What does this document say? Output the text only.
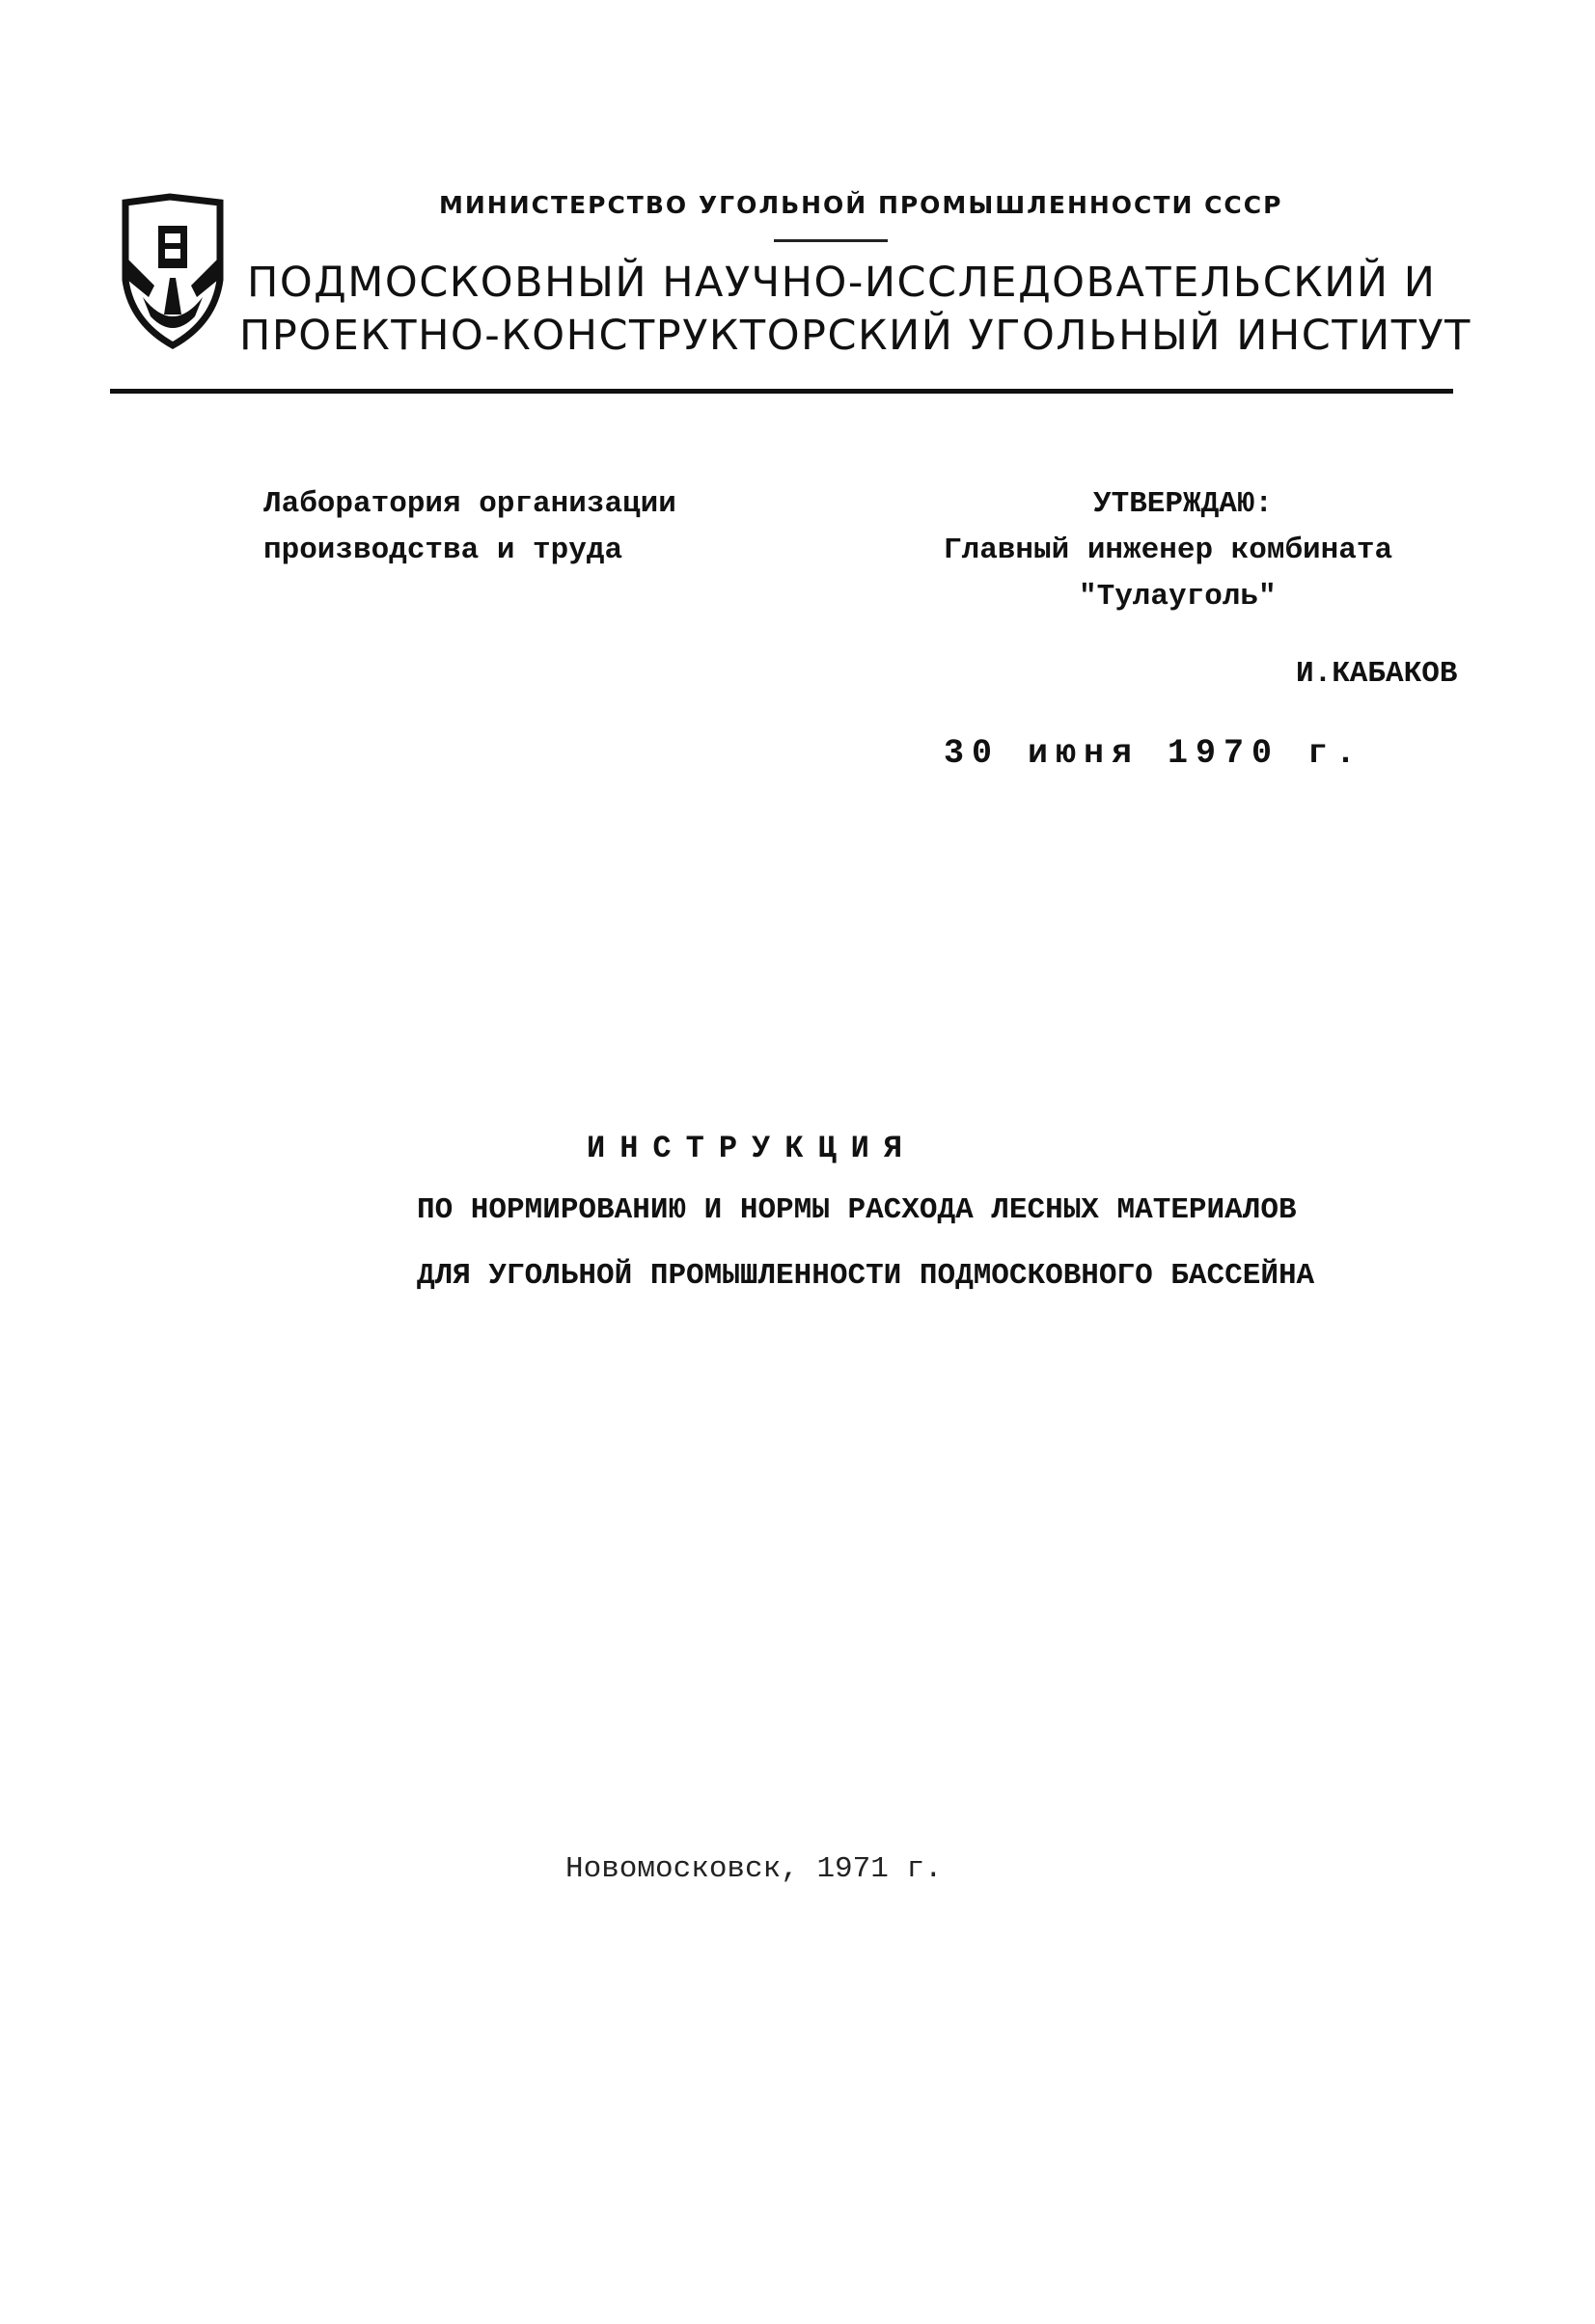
МИНИСТЕРСТВО УГОЛЬНОЙ ПРОМЫШЛЕННОСТИ СССР
ПОДМОСКОВНЫЙ НАУЧНО-ИССЛЕДОВАТЕЛЬСКИЙ И
ПРОЕКТНО-КОНСТРУКТОРСКИЙ УГОЛЬНЫЙ ИНСТИТУТ
Лаборатория организации
производства и труда
УТВЕРЖДАЮ:
Главный инженер комбината
"Тулауголь"
И.КАБАКОВ
30 июня 1970 г.
ИНСТРУКЦИЯ
ПО НОРМИРОВАНИЮ И НОРМЫ РАСХОДА ЛЕСНЫХ МАТЕРИАЛОВ
ДЛЯ УГОЛЬНОЙ ПРОМЫШЛЕННОСТИ ПОДМОСКОВНОГО БАССЕЙНА
Новомосковск, 1971 г.
